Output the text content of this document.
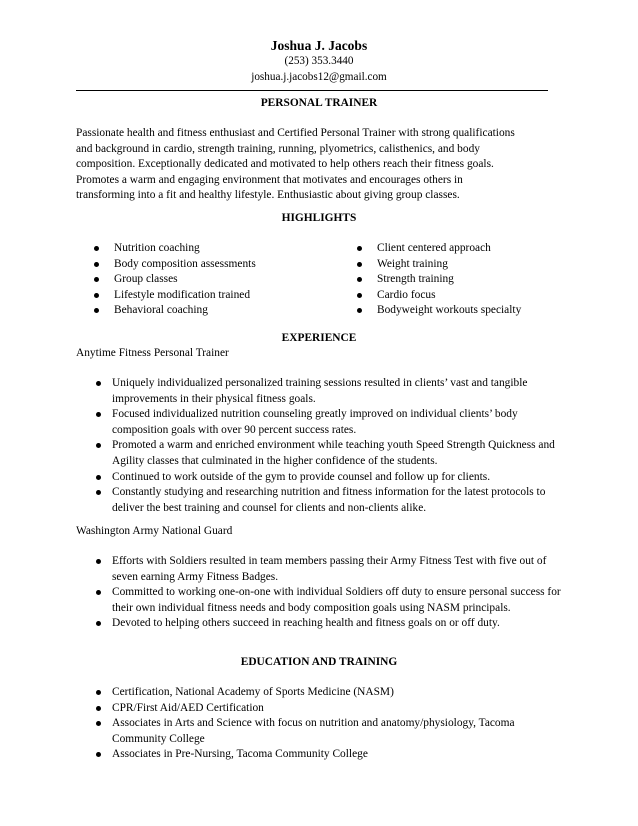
Joshua J. Jacobs
(253) 353.3440
joshua.j.jacobs12@gmail.com
PERSONAL TRAINER

Passionate health and fitness enthusiast and Certified Personal Trainer with strong qualifications

and background in cardio, strength training, running, plyometrics, calisthenics, and body

composition. Exceptionally dedicated and motivated to help others reach their fitness goals.

Promotes a warm and engaging environment that motivates and encourages others in

transforming into a fit and healthy lifestyle. Enthusiastic about giving group classes.

HIGHLIGHTS
Nutrition coaching
Body composition assessments
Group classes
Lifestyle modification trained
Behavioral coaching
Client centered approach
Weight training
Strength training
Cardio focus
Bodyweight workouts specialty
EXPERIENCE
Anytime Fitness Personal Trainer
Uniquely individualized personalized training sessions resulted in clients’ vast and tangible improvements in their physical fitness goals.
Focused individualized nutrition counseling greatly improved on individual clients’ body composition goals with over 90 percent success rates.
Promoted a warm and enriched environment while teaching youth Speed Strength Quickness and Agility classes that culminated in the higher confidence of the students.
Continued to work outside of the gym to provide counsel and follow up for clients.
Constantly studying and researching nutrition and fitness information for the latest protocols to deliver the best training and counsel for clients and non-clients alike.
Washington Army National Guard
Efforts with Soldiers resulted in team members passing their Army Fitness Test with five out of seven earning Army Fitness Badges.
Committed to working one-on-one with individual Soldiers off duty to ensure personal success for their own individual fitness needs and body composition goals using NASM principals.
Devoted to helping others succeed in reaching health and fitness goals on or off duty.
EDUCATION AND TRAINING
Certification, National Academy of Sports Medicine (NASM)
CPR/First Aid/AED Certification
Associates in Arts and Science with focus on nutrition and anatomy/physiology, Tacoma Community College
Associates in Pre-Nursing, Tacoma Community College
